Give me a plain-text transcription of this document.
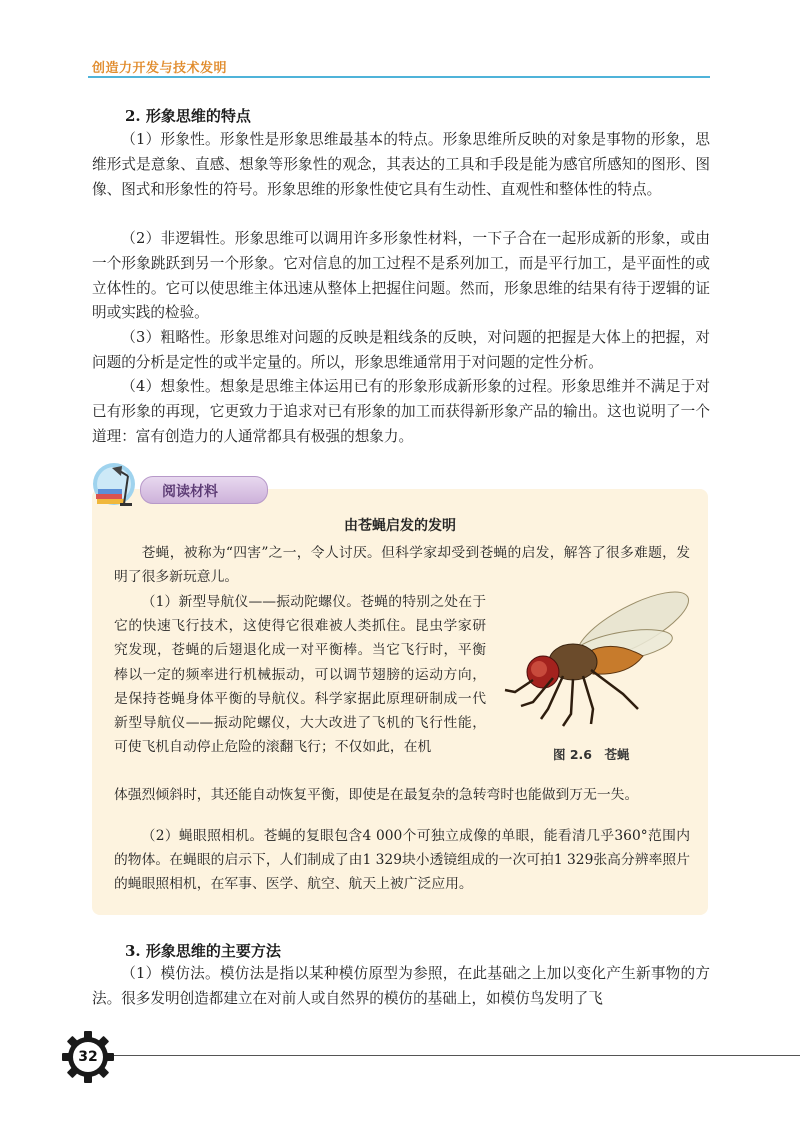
创造力开发与技术发明
2. 形象思维的特点

（1）形象性。形象性是形象思维最基本的特点。形象思维所反映的对象是事物的形象，思维形式是意象、直感、想象等形象性的观念，其表达的工具和手段是能为感官所感知的图形、图像、图式和形象性的符号。形象思维的形象性使它具有生动性、直观性和整体性的特点。

（2）非逻辑性。形象思维可以调用许多形象性材料，一下子合在一起形成新的形象，或由一个形象跳跃到另一个形象。它对信息的加工过程不是系列加工，而是平行加工，是平面性的或立体性的。它可以使思维主体迅速从整体上把握住问题。然而，形象思维的结果有待于逻辑的证明或实践的检验。

（3）粗略性。形象思维对问题的反映是粗线条的反映，对问题的把握是大体上的把握，对问题的分析是定性的或半定量的。所以，形象思维通常用于对问题的定性分析。

（4）想象性。想象是思维主体运用已有的形象形成新形象的过程。形象思维并不满足于对已有形象的再现，它更致力于追求对已有形象的加工而获得新形象产品的输出。这也说明了一个道理：富有创造力的人通常都具有极强的想象力。

阅读材料
由苍蝇启发的发明

苍蝇，被称为“四害”之一，令人讨厌。但科学家却受到苍蝇的启发，解答了很多难题，发明了很多新玩意儿。

（1）新型导航仪——振动陀螺仪。苍蝇的特别之处在于它的快速飞行技术，这使得它很难被人类抓住。昆虫学家研究发现，苍蝇的后翅退化成一对平衡棒。当它飞行时，平衡棒以一定的频率进行机械振动，可以调节翅膀的运动方向，是保持苍蝇身体平衡的导航仪。科学家据此原理研制成一代新型导航仪——振动陀螺仪，大大改进了飞机的飞行性能，可使飞机自动停止危险的滚翻飞行；不仅如此，在机

体强烈倾斜时，其还能自动恢复平衡，即使是在最复杂的急转弯时也能做到万无一失。

（2）蝇眼照相机。苍蝇的复眼包含4 000个可独立成像的单眼，能看清几乎360°范围内的物体。在蝇眼的启示下，人们制成了由1 329块小透镜组成的一次可拍1 329张高分辨率照片的蝇眼照相机，在军事、医学、航空、航天上被广泛应用。

图 2.6　苍蝇
3. 形象思维的主要方法

（1）模仿法。模仿法是指以某种模仿原型为参照，在此基础之上加以变化产生新事物的方法。很多发明创造都建立在对前人或自然界的模仿的基础上，如模仿鸟发明了飞

32
